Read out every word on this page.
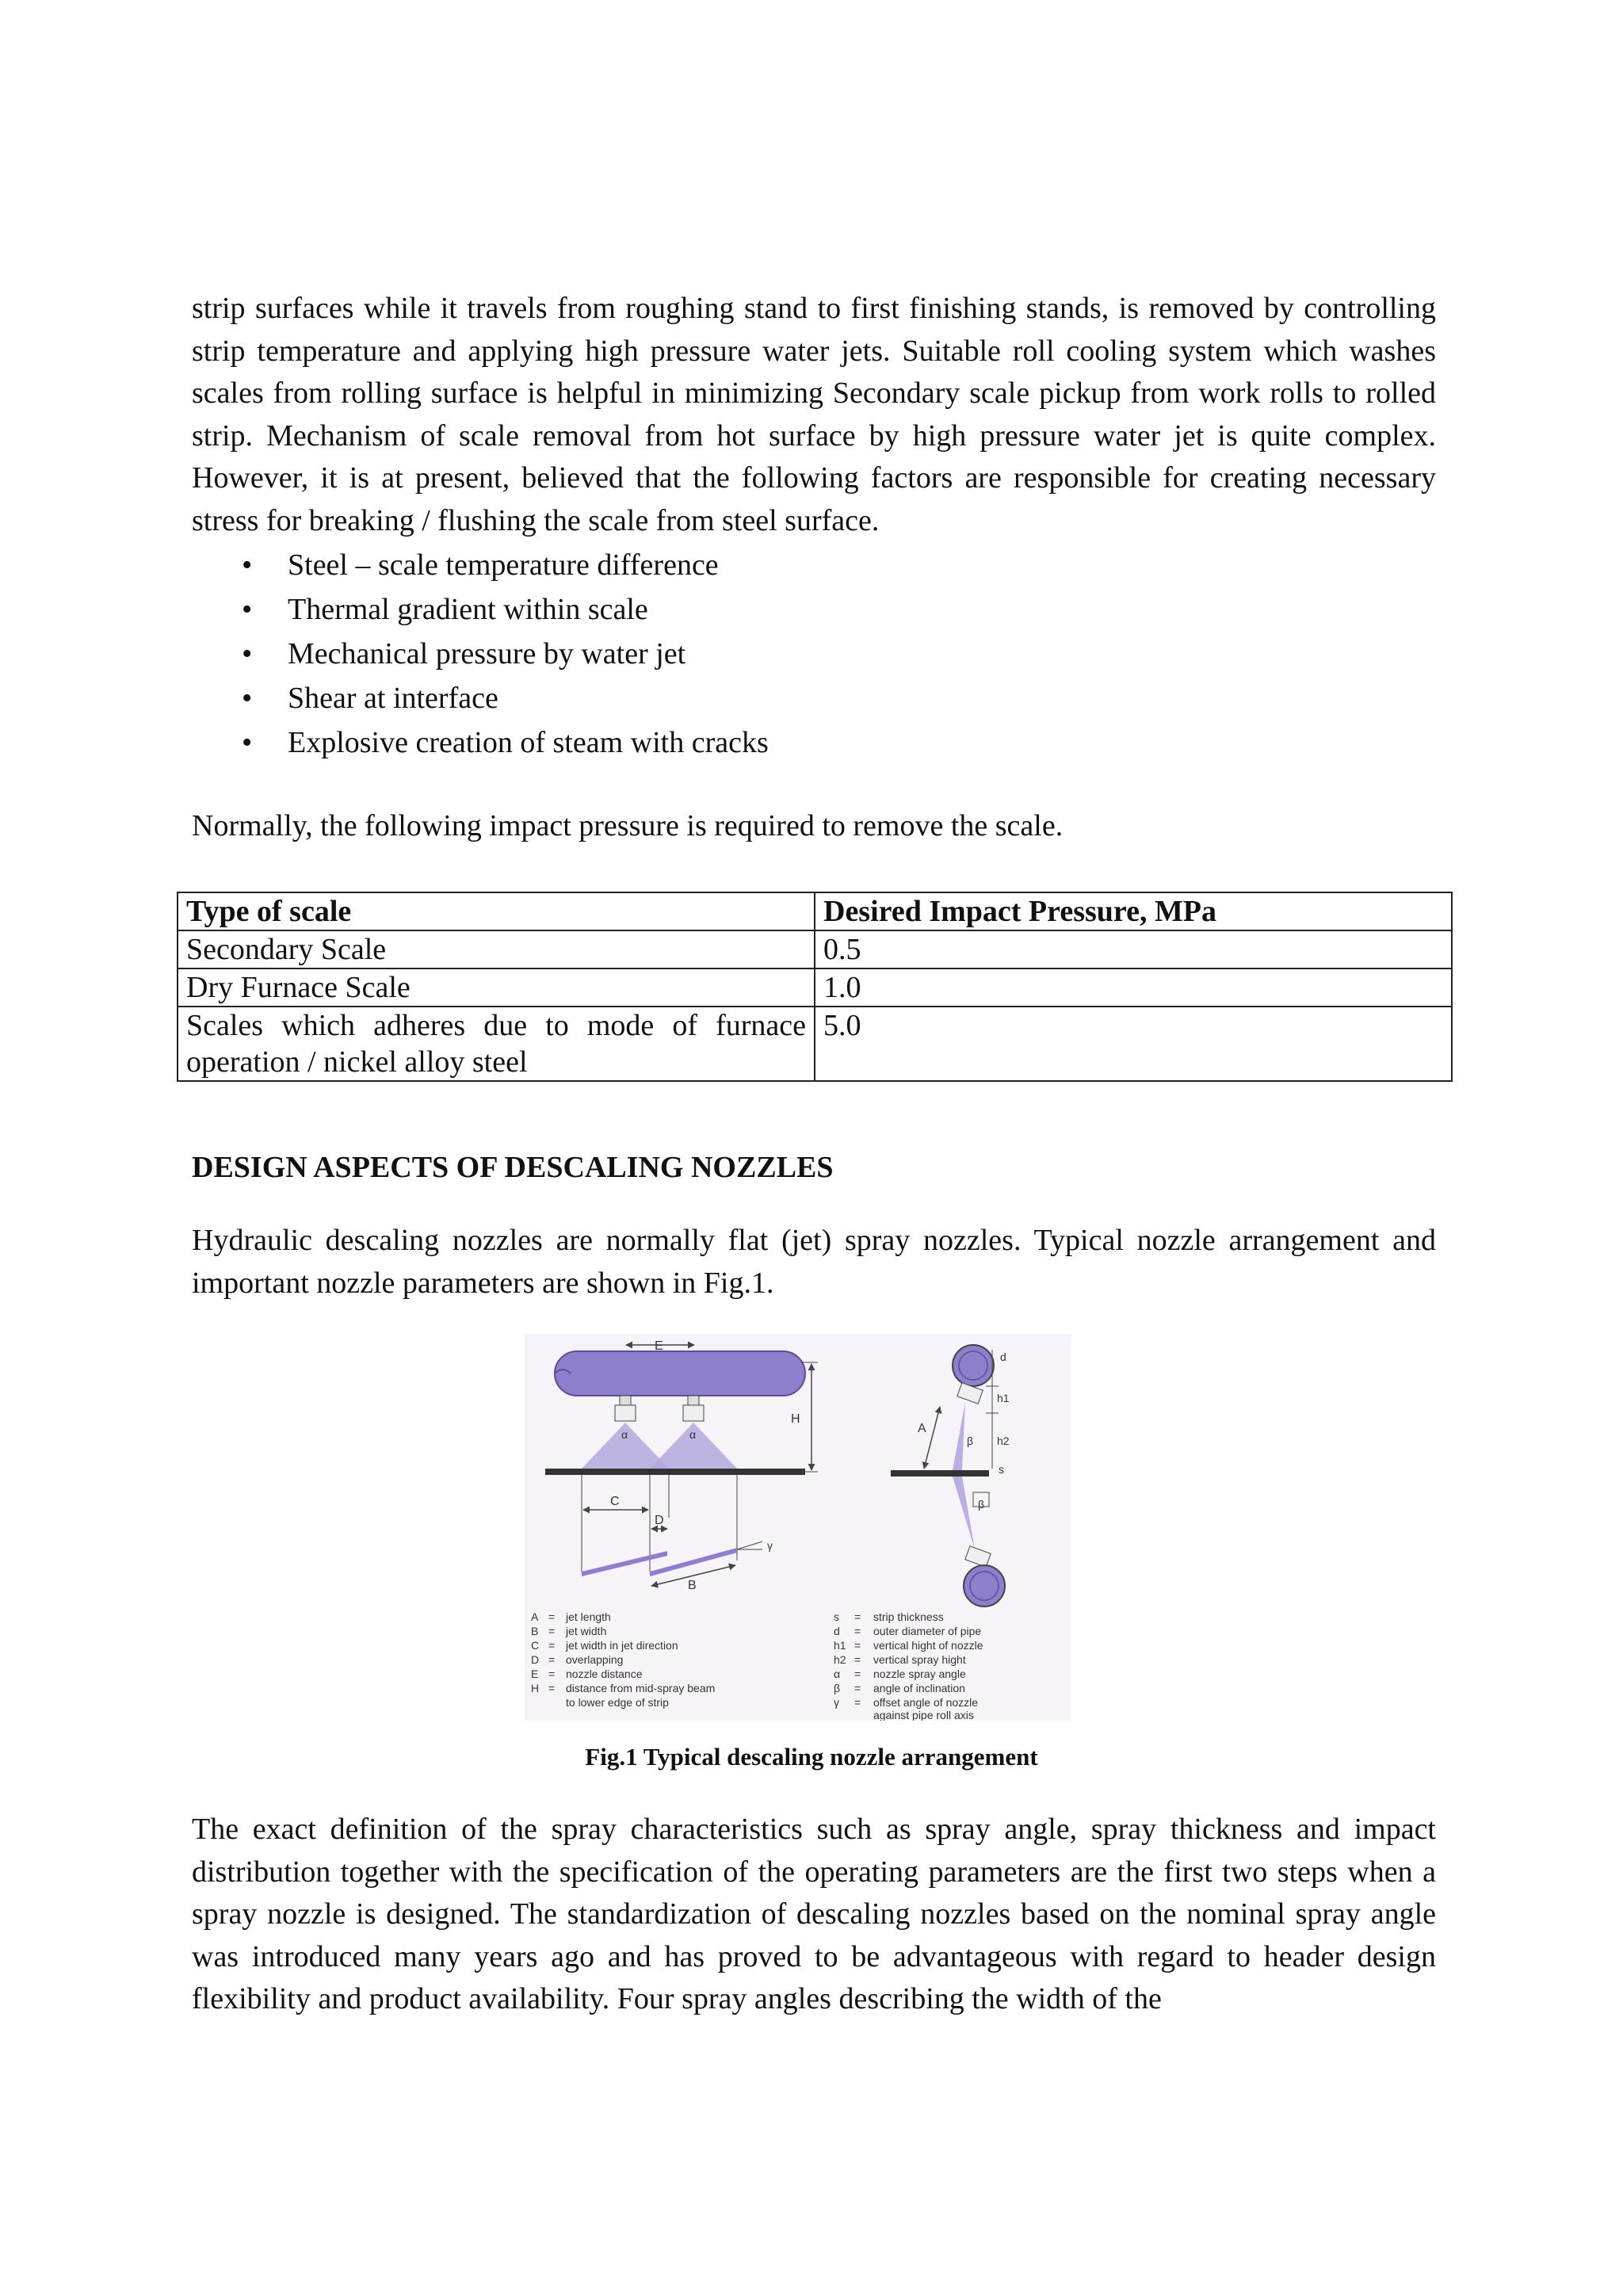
strip surfaces while it travels from roughing stand to first finishing stands, is removed by controlling strip temperature and applying high pressure water jets. Suitable roll cooling system which washes scales from rolling surface is helpful in minimizing Secondary scale pickup from work rolls to rolled strip. Mechanism of scale removal from hot surface by high pressure water jet is quite complex. However, it is at present, believed that the following factors are responsible for creating necessary stress for breaking / flushing the scale from steel surface.

• Steel – scale temperature difference
• Thermal gradient within scale
• Mechanical pressure by water jet
• Shear at interface
• Explosive creation of steam with cracks

Normally, the following impact pressure is required to remove the scale.

Type of scale	Desired Impact Pressure, MPa
Secondary Scale	0.5
Dry Furnace Scale	1.0
Scales which adheres due to mode of furnace operation / nickel alloy steel	5.0
DESIGN ASPECTS OF DESCALING NOZZLES

Hydraulic descaling nozzles are normally flat (jet) spray nozzles. Typical nozzle arrangement and important nozzle parameters are shown in Fig.1.

E
α	α
H
C
D
γ
B
d
h1
h2
s
A
β
β
A = jet length
B = jet width
C = jet width in jet direction
D = overlapping
E = nozzle distance
H = distance from mid-spray beam
to lower edge of strip
s = strip thickness
d = outer diameter of pipe
h1 = vertical hight of nozzle
h2 = vertical spray hight
α = nozzle spray angle
β = angle of inclination
γ = offset angle of nozzle
against pipe roll axis
Fig.1 Typical descaling nozzle arrangement

The exact definition of the spray characteristics such as spray angle, spray thickness and impact distribution together with the specification of the operating parameters are the first two steps when a spray nozzle is designed. The standardization of descaling nozzles based on the nominal spray angle was introduced many years ago and has proved to be advantageous with regard to header design flexibility and product availability. Four spray angles describing the width of the
